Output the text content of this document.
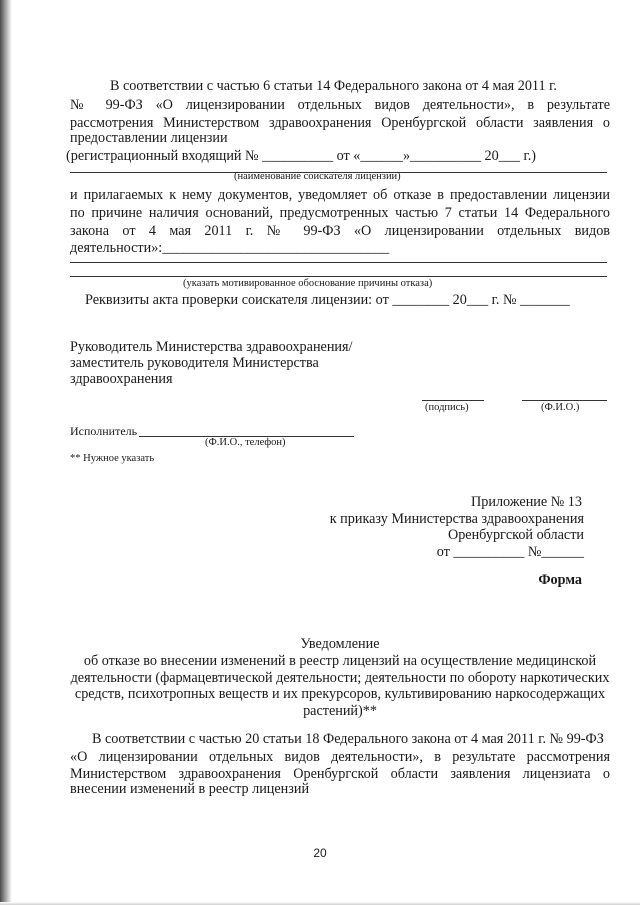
В соответствии с частью 6 статьи 14 Федерального закона от 4 мая 2011 г.
№ 99-ФЗ «О лицензировании отдельных видов деятельности», в результате
рассмотрения Министерством здравоохранения Оренбургской области заявления о
предоставлении лицензии
(регистрационный входящий № __________ от «______»__________ 20___ г.)
(наименование соискателя лицензии)
и прилагаемых к нему документов, уведомляет об отказе в предоставлении лицензии
по причине наличия оснований, предусмотренных частью 7 статьи 14 Федерального
закона от 4 мая 2011 г. № 99-ФЗ «О лицензировании отдельных видов
деятельности»:________________________________
(указать мотивированное обоснование причины отказа)
Реквизиты акта проверки соискателя лицензии: от ________ 20___ г. № _______
Руководитель Министерства здравоохранения/
заместитель руководителя Министерства
здравоохранения
(подпись)	(Ф.И.О.)
Исполнитель
(Ф.И.О., телефон)
** Нужное указать
Приложение № 13
к приказу Министерства здравоохранения
Оренбургской области
от __________ №______
Форма
Уведомление
об отказе во внесении изменений в реестр лицензий на осуществление медицинской
деятельности (фармацевтической деятельности; деятельности по обороту наркотических
средств, психотропных веществ и их прекурсоров, культивированию наркосодержащих
растений)**
В соответствии с частью 20 статьи 18 Федерального закона от 4 мая 2011 г. № 99-ФЗ
«О лицензировании отдельных видов деятельности», в результате рассмотрения
Министерством здравоохранения Оренбургской области заявления лицензиата о
внесении изменений в реестр лицензий
20
